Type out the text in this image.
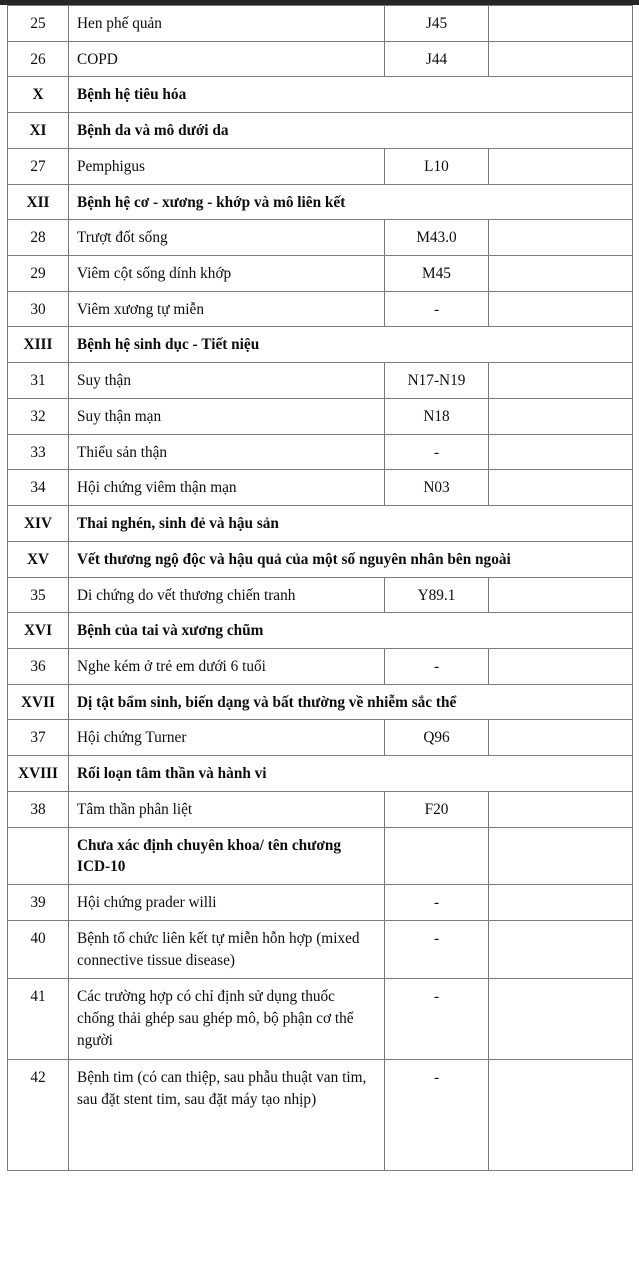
25	Hen phế quản	J45	

26	COPD	J44	

X	Bệnh hệ tiêu hóa		

XI	Bệnh da và mô dưới da		

27	Pemphigus	L10	

XII	Bệnh hệ cơ - xương - khớp và mô liên kết		

28	Trượt đốt sống	M43.0	

29	Viêm cột sống dính khớp	M45	

30	Viêm xương tự miễn	-	

XIII	Bệnh hệ sinh dục - Tiết niệu		

31	Suy thận	N17-N19	

32	Suy thận mạn	N18	

33	Thiểu sản thận	-	

34	Hội chứng viêm thận mạn	N03	

XIV	Thai nghén, sinh đẻ và hậu sản		

XV	Vết thương ngộ độc và hậu quả của một số nguyên nhân bên ngoài		

35	Di chứng do vết thương chiến tranh	Y89.1	

XVI	Bệnh của tai và xương chũm		

36	Nghe kém ở trẻ em dưới 6 tuổi	-	

XVII	Dị tật bẩm sinh, biến dạng và bất thường về nhiễm sắc thể		

37	Hội chứng Turner	Q96	

XVIII	Rối loạn tâm thần và hành vi		

38	Tâm thần phân liệt	F20	

	Chưa xác định chuyên khoa/ tên chương ICD-10		

39	Hội chứng prader willi	-	

40	Bệnh tổ chức liên kết tự miễn hỗn hợp (mixed connective tissue disease)	-	

41	Các trường hợp có chỉ định sử dụng thuốc chống thải ghép sau ghép mô, bộ phận cơ thể người	-	

42	Bệnh tim (có can thiệp, sau phẫu thuật van tim, sau đặt stent tim, sau đặt máy tạo nhịp)	-	
